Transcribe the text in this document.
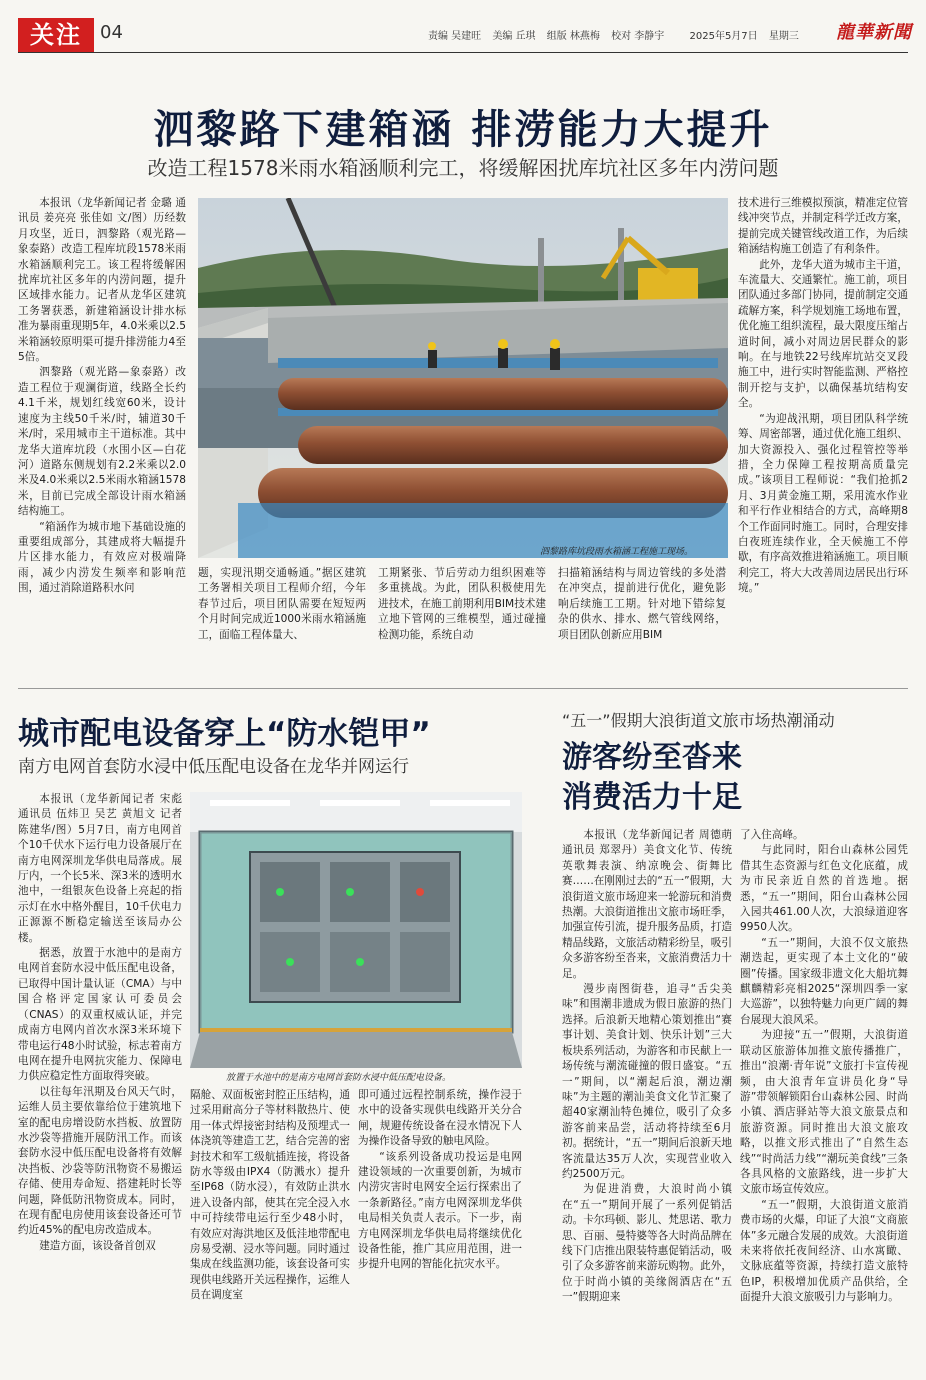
关注	04	责编 吴建旺 美编 丘琪 组版 林燕梅 校对 李静宇	2025年5月7日 星期三	龍華新聞
泗黎路下建箱涵 排涝能力大提升
改造工程1578米雨水箱涵顺利完工，将缓解困扰库坑社区多年内涝问题

本报讯（龙华新闻记者 金璐 通讯员 姜亮亮 张佳如 文/图）历经数月攻坚，近日，泗黎路（观光路—象泰路）改造工程库坑段1578米雨水箱涵顺利完工。该工程将缓解困扰库坑社区多年的内涝问题，提升区域排水能力。记者从龙华区建筑工务署获悉，新建箱涵设计排水标准为暴雨重现期5年，4.0米乘以2.5米箱涵较原明渠可提升排涝能力4至5倍。

泗黎路（观光路—象泰路）改造工程位于观澜街道，线路全长约4.1千米，规划红线宽60米，设计速度为主线50千米/时，辅道30千米/时，采用城市主干道标准。其中龙华大道库坑段（水围小区—白花河）道路东侧规划有2.2米乘以2.0米及4.0米乘以2.5米雨水箱涵1578米，目前已完成全部设计雨水箱涵结构施工。

“箱涵作为城市地下基础设施的重要组成部分，其建成将大幅提升片区排水能力，有效应对极端降雨，减少内涝发生频率和影响范围，通过消除道路积水问

泗黎路库坑段雨水箱涵工程施工现场。

题，实现汛期交通畅通。”据区建筑工务署相关项目工程师介绍，今年春节过后，项目团队需要在短短两个月时间完成近1000米雨水箱涵施工，面临工程体量大、

工期紧张、节后劳动力组织困难等多重挑战。为此，团队积极使用先进技术，在施工前期利用BIM技术建立地下管网的三维模型，通过碰撞检测功能，系统自动

扫描箱涵结构与周边管线的多处潜在冲突点，提前进行优化，避免影响后续施工工期。针对地下错综复杂的供水、排水、燃气管线网络，项目团队创新应用BIM

技术进行三维模拟预演，精准定位管线冲突节点，并制定科学迁改方案，提前完成关键管线改道工作，为后续箱涵结构施工创造了有利条件。

此外，龙华大道为城市主干道，车流量大、交通繁忙。施工前，项目团队通过多部门协同，提前制定交通疏解方案，科学规划施工场地布置，优化施工组织流程，最大限度压缩占道时间，减小对周边居民群众的影响。在与地铁22号线库坑站交叉段施工中，进行实时智能监测、严格控制开挖与支护，以确保基坑结构安全。

“为迎战汛期，项目团队科学统筹、周密部署，通过优化施工组织、加大资源投入、强化过程管控等举措，全力保障工程按期高质量完成。”该项目工程师说：“我们抢抓2月、3月黄金施工期，采用流水作业和平行作业相结合的方式，高峰期8个工作面同时施工。同时，合理安排白夜班连续作业，全天候施工不停歇，有序高效推进箱涵施工。项目顺利完工，将大大改善周边居民出行环境。”

城市配电设备穿上“防水铠甲”
南方电网首套防水浸中低压配电设备在龙华并网运行

本报讯（龙华新闻记者 宋彪 通讯员 伍炜卫 吴艺 黄旭文 记者 陈建华/图）5月7日，南方电网首个10千伏水下运行电力设备展厅在南方电网深圳龙华供电局落成。展厅内，一个长5米、深3米的透明水池中，一组银灰色设备上亮起的指示灯在水中格外醒目，10千伏电力正源源不断稳定输送至该局办公楼。

据悉，放置于水池中的是南方电网首套防水浸中低压配电设备，已取得中国计量认证（CMA）与中国合格评定国家认可委员会（CNAS）的双重权威认证，并完成南方电网内首次水深3米环境下带电运行48小时试验，标志着南方电网在提升电网抗灾能力、保障电力供应稳定性方面取得突破。

以往每年汛期及台风天气时，运维人员主要依靠给位于建筑地下室的配电房增设防水挡板、放置防水沙袋等措施开展防汛工作。而该套防水浸中低压配电设备将有效解决挡板、沙袋等防汛物资不易搬运存储、使用寿命短、搭建耗时长等问题，降低防汛物资成本。同时，在现有配电房使用该套设备还可节约近45%的配电房改造成本。

建造方面，该设备首创双

放置于水池中的是南方电网首套防水浸中低压配电设备。

隔舱、双面板密封腔正压结构，通过采用耐高分子等材料散热片、使用一体式焊接密封结构及预埋式一体浇筑等建造工艺，结合完善的密封技术和军工级航插连接，将设备防水等级由IPX4（防溅水）提升至IP68（防水浸），有效防止洪水进入设备内部，使其在完全浸入水中可持续带电运行至少48小时，有效应对海洪地区及低洼地带配电房易受潮、浸水等问题。同时通过集成在线监测功能，该套设备可实现供电线路开关远程操作，运维人员在调度室

即可通过远程控制系统，操作浸于水中的设备实现供电线路开关分合闸，规避传统设备在浸水情况下人为操作设备导致的触电风险。

“该系列设备成功投运是电网建设领域的一次重要创新，为城市内涝灾害时电网安全运行探索出了一条新路径。”南方电网深圳龙华供电局相关负责人表示。下一步，南方电网深圳龙华供电局将继续优化设备性能，推广其应用范围，进一步提升电网的智能化抗灾水平。

“五一”假期大浪街道文旅市场热潮涌动
游客纷至沓来
消费活力十足

本报讯（龙华新闻记者 周德萌 通讯员 郑翠丹）美食文化节、传统英歌舞表演、纳凉晚会、街舞比赛……在刚刚过去的“五一”假期，大浪街道文旅市场迎来一轮游玩和消费热潮。大浪街道推出文旅市场旺季，加强宣传引流，提升服务品质，打造精品线路，文旅活动精彩纷呈，吸引众多游客纷至沓来，文旅消费活力十足。

漫步南图街巷，追寻“舌尖美味”和围潮非遗成为假日旅游的热门选择。后浪新天地精心策划推出“赛事计划、美食计划、快乐计划”三大板块系列活动，为游客和市民献上一场传统与潮流碰撞的假日盛宴。“五一”期间，以“潮起后浪，潮边潮味”为主题的潮汕美食文化节汇聚了超40家潮汕特色摊位，吸引了众多游客前来品尝，活动将持续至6月初。据统计，“五一”期间后浪新天地客流量达35万人次，实现营业收入约2500万元。

为促进消费，大浪时尚小镇在“五一”期间开展了一系列促销活动。卡尔玛顿、影儿、梵思诺、歌力思、百丽、曼特婆等各大时尚品牌在线下门店推出限装特惠促销活动，吸引了众多游客前来游玩购物。此外，位于时尚小镇的美缘阁酒店在“五一”假期迎来

了入住高峰。

与此同时，阳台山森林公园凭借其生态资源与红色文化底蕴，成为市民亲近自然的首选地。据悉，“五一”期间，阳台山森林公园入园共461.00人次，大浪绿道迎客9950人次。

“五一”期间，大浪不仅文旅热潮迭起，更实现了本土文化的“破圈”传播。国家级非遗文化大船坑舞麒麟精彩亮相2025“深圳四季一家大巡游”，以独特魅力向更广阔的舞台展现大浪风采。

为迎接“五一”假期，大浪街道联动区旅游体加推文旅传播推广，推出“浪潮·青年说”文旅打卡宣传视频，由大浪青年宣讲员化身“导游”带领解锁阳台山森林公园、时尚小镇、酒店驿站等大浪文旅景点和旅游资源。同时推出大浪文旅攻略，以推文形式推出了“自然生态线”“时尚活力线”“潮玩美食线”三条各具风格的文旅路线，进一步扩大文旅市场宣传效应。

“五一”假期，大浪街道文旅消费市场的火爆，印证了大浪“文商旅体”多元融合发展的成效。大浪街道未来将依托夜间经济、山水寓瞰、文脉底蕴等资源，持续打造文旅特色IP，积极增加优质产品供给，全面提升大浪文旅吸引力与影响力。
